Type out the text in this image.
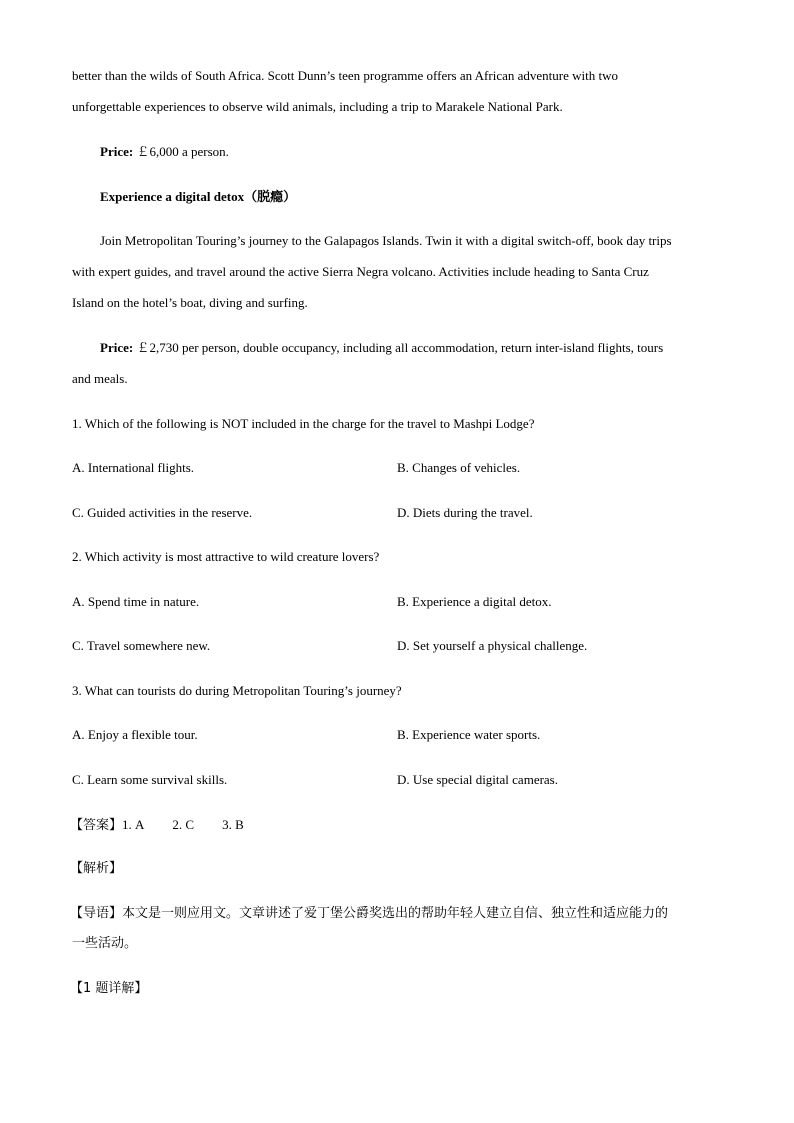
better than the wilds of South Africa. Scott Dunn’s teen programme offers an African adventure with two
unforgettable experiences to observe wild animals, including a trip to Marakele National Park.
Price: ￡6,000 a person.
Experience a digital detox（脱瘾）
Join Metropolitan Touring’s journey to the Galapagos Islands. Twin it with a digital switch-off, book day trips
with expert guides, and travel around the active Sierra Negra volcano. Activities include heading to Santa Cruz
Island on the hotel’s boat, diving and surfing.
Price: ￡2,730 per person, double occupancy, including all accommodation, return inter-island flights, tours
and meals.
1. Which of the following is NOT included in the charge for the travel to Mashpi Lodge?
A. International flights.	B. Changes of vehicles.
C. Guided activities in the reserve.	D. Diets during the travel.
2. Which activity is most attractive to wild creature lovers?
A. Spend time in nature.	B. Experience a digital detox.
C. Travel somewhere new.	D. Set yourself a physical challenge.
3. What can tourists do during Metropolitan Touring’s journey?
A. Enjoy a flexible tour.	B. Experience water sports.
C. Learn some survival skills.	D. Use special digital cameras.
【答案】1. A 2. C 3. B
【解析】
【导语】本文是一则应用文。文章讲述了爱丁堡公爵奖选出的帮助年轻人建立自信、独立性和适应能力的
一些活动。
【1 题详解】
